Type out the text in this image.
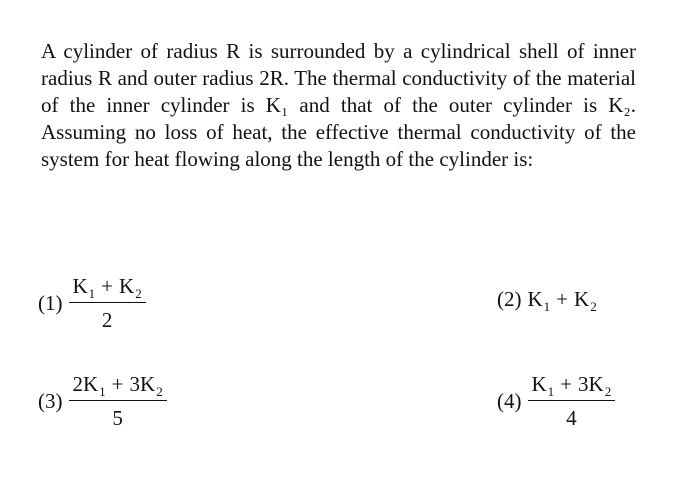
A cylinder of radius R is surrounded by a cylindrical shell of inner radius R and outer radius 2R. The thermal conductivity of the material of the inner cylinder is K₁ and that of the outer cylinder is K₂. Assuming no loss of heat, the effective thermal conductivity of the system for heat flowing along the length of the cylinder is:

$(1) \frac{K_1 + K_2}{2}$	(2) $K_1 + K_2$
$(3) \frac{2K_1 + 3K_2}{5}$	$(4) \frac{K_1 + 3K_2}{4}$
